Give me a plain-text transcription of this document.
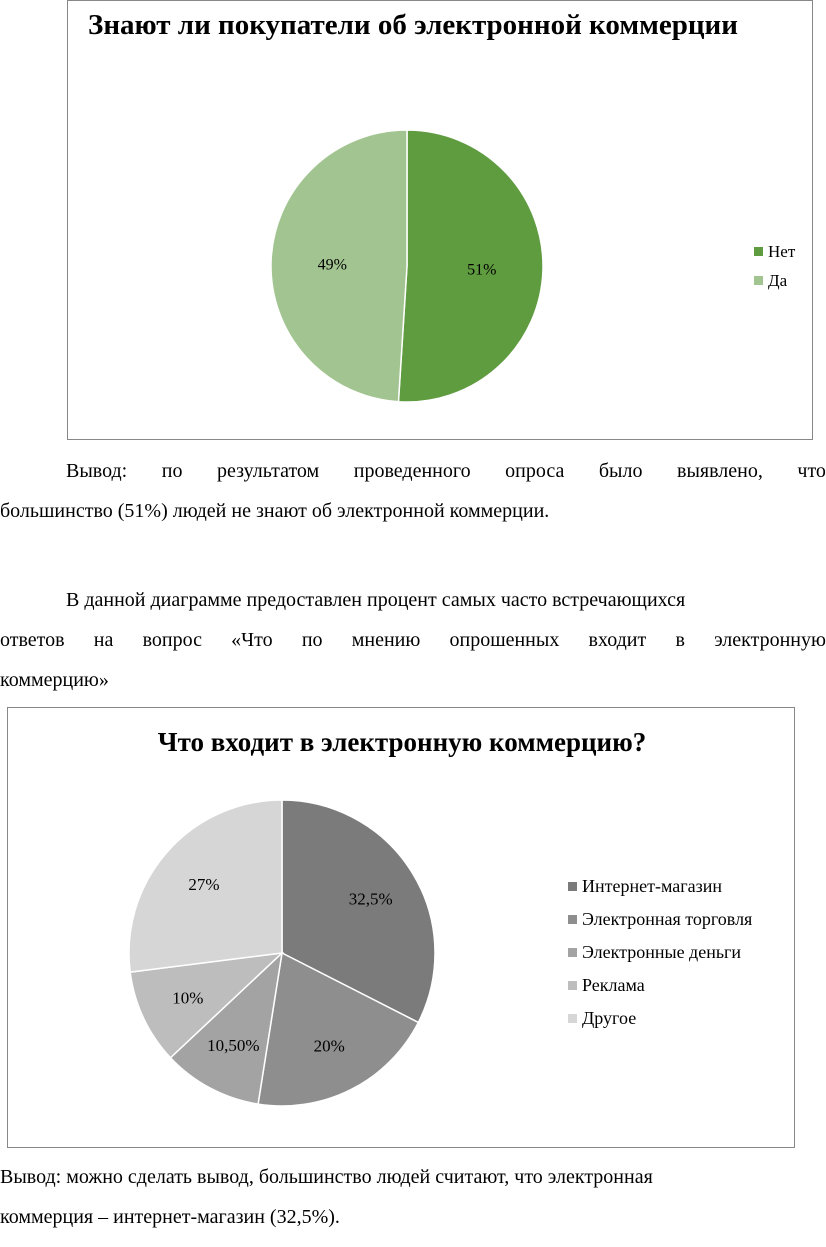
Знают ли покупатели об электронной коммерции
51%
49%
Нет
Да
Вывод: по результатом проведенного опроса было выявлено, что
большинство (51%) людей не знают об электронной коммерции.
В данной диаграмме предоставлен процент самых часто встречающихся
ответов на вопрос «Что по мнению опрошенных входит в электронную
коммерцию»
Что входит в электронную коммерцию?
32,5%
20%
10,50%
10%
27%	Интернет-магазин
Электронная торговля
Электронные деньги
Реклама
Другое
Вывод: можно сделать вывод, большинство людей считают, что электронная
коммерция – интернет-магазин (32,5%).
